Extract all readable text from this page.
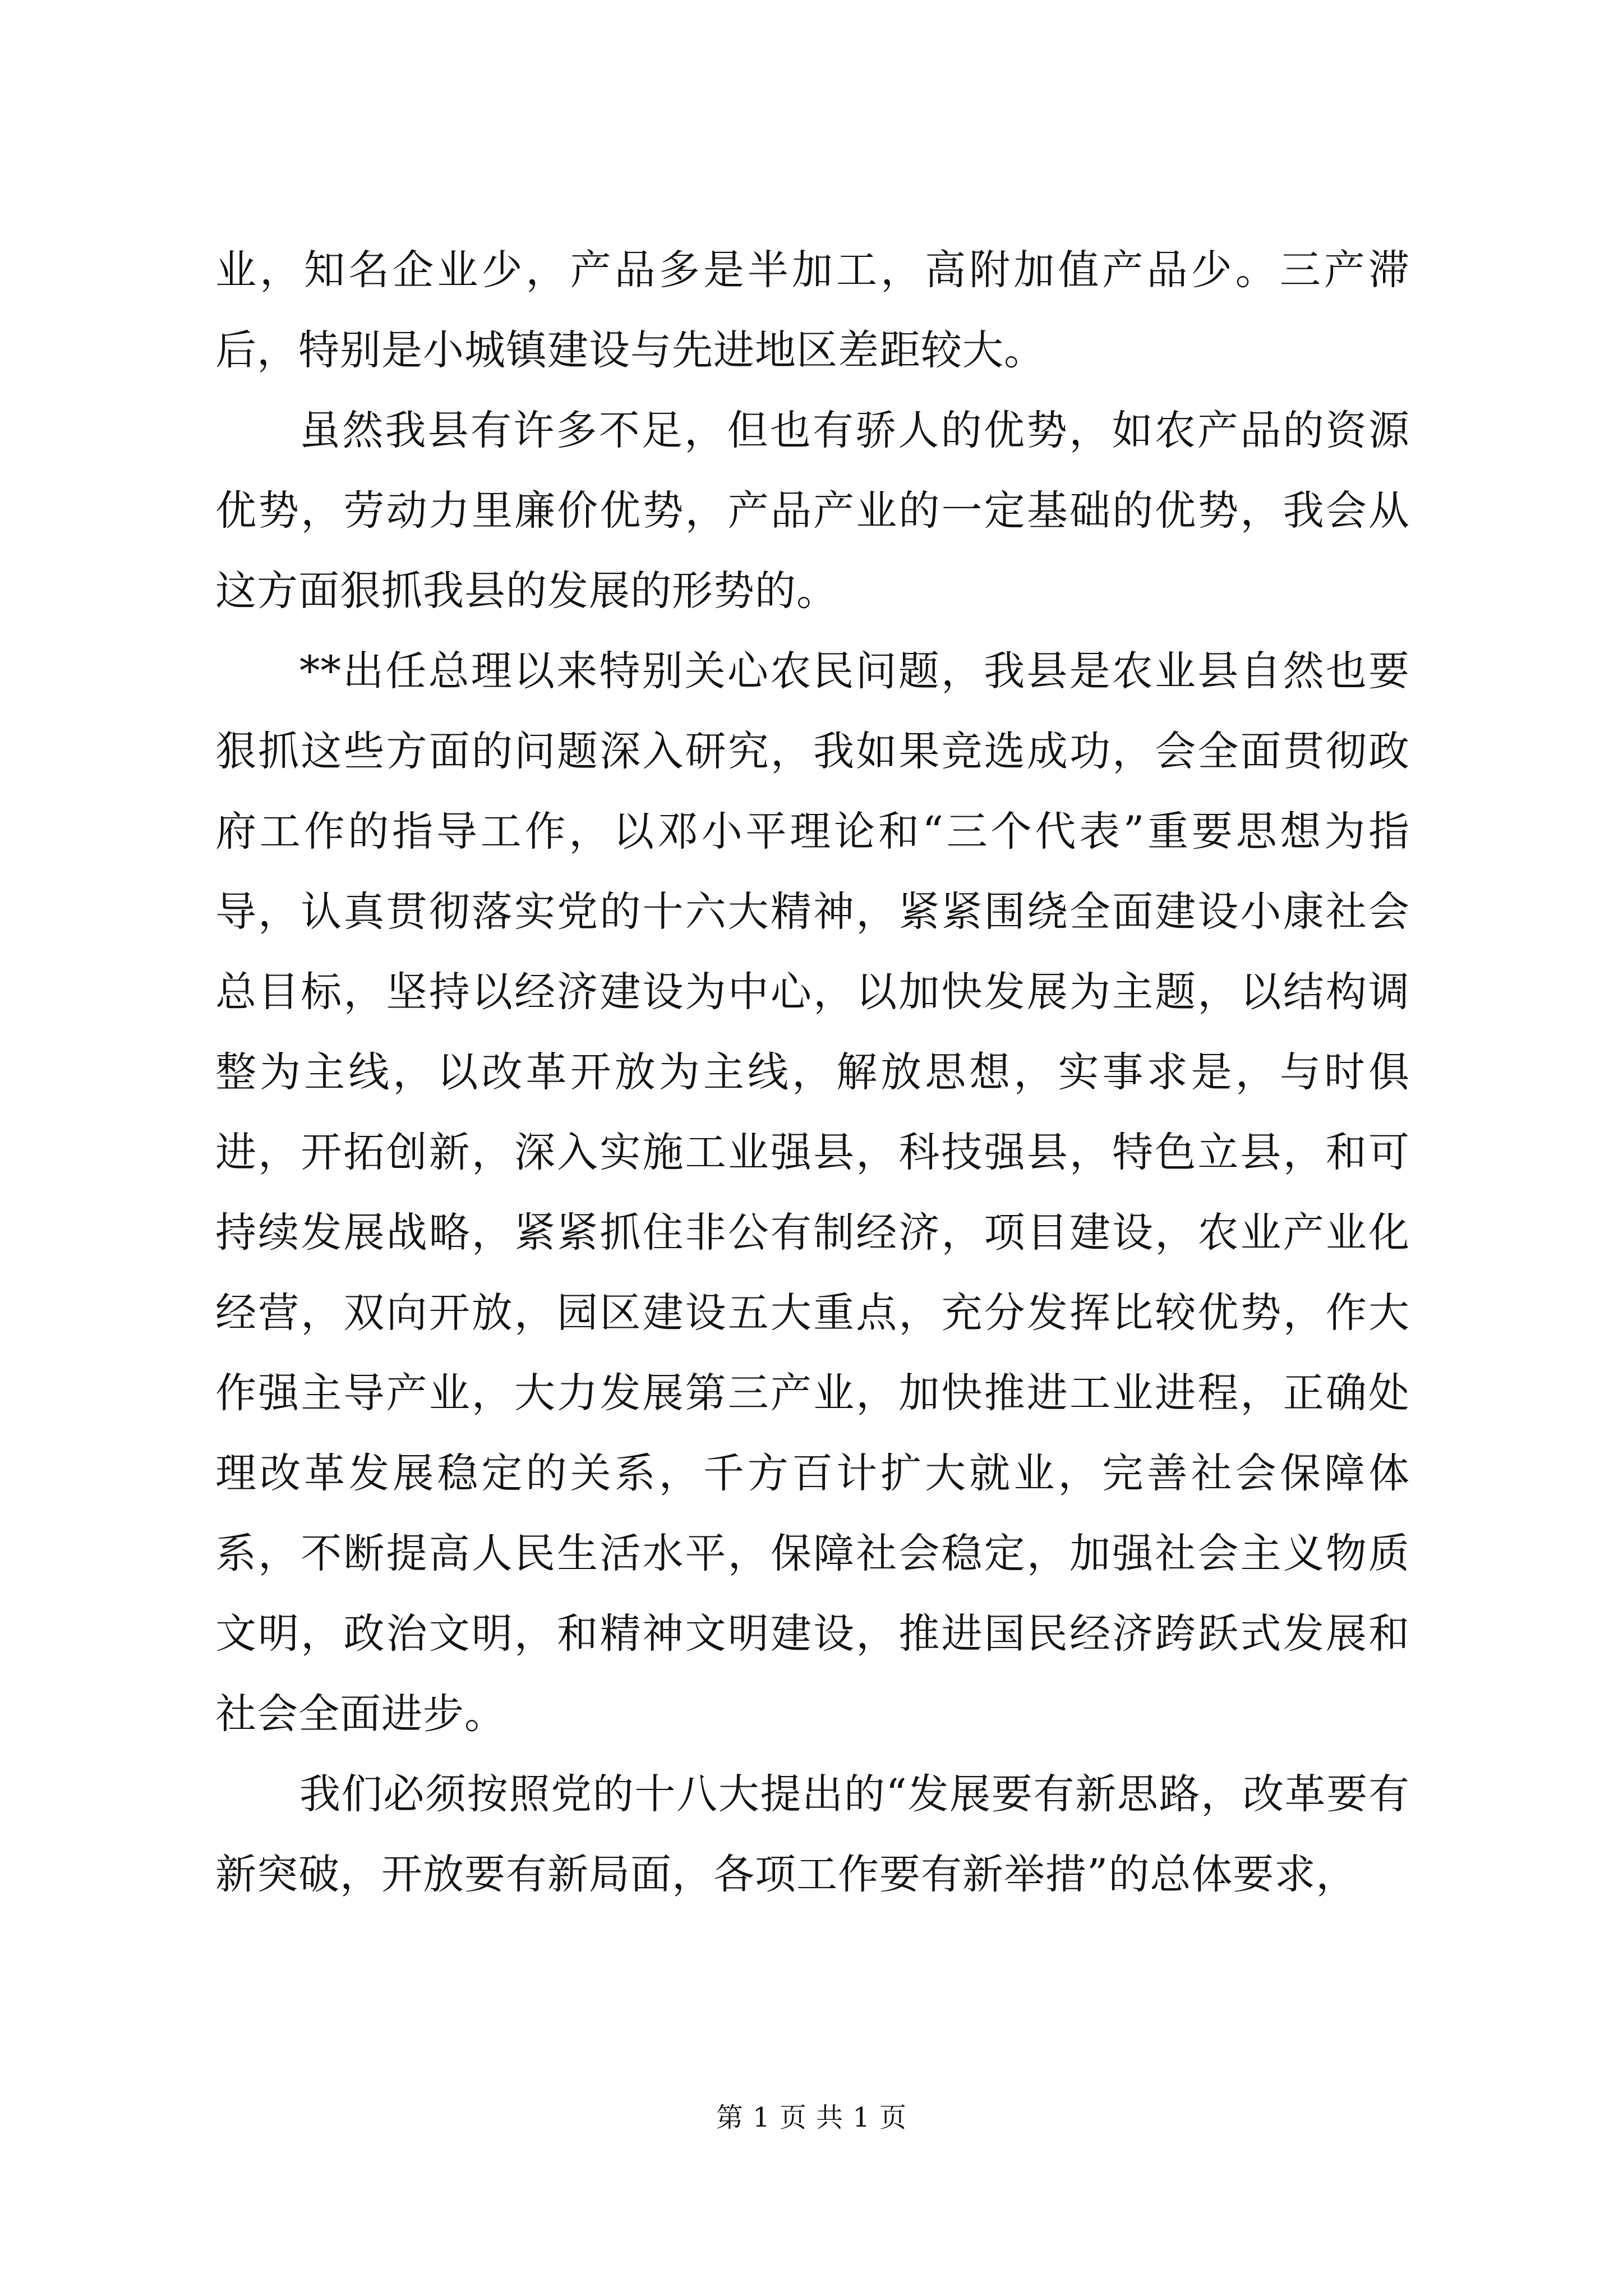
业，知名企业少，产品多是半加工，高附加值产品少。三产滞后，特别是小城镇建设与先进地区差距较大。

虽然我县有许多不足，但也有骄人的优势，如农产品的资源优势，劳动力里廉价优势，产品产业的一定基础的优势，我会从这方面狠抓我县的发展的形势的。

**出任总理以来特别关心农民问题，我县是农业县自然也要狠抓这些方面的问题深入研究，我如果竞选成功，会全面贯彻政府工作的指导工作，以邓小平理论和“三个代表”重要思想为指导，认真贯彻落实党的十六大精神，紧紧围绕全面建设小康社会总目标，坚持以经济建设为中心，以加快发展为主题，以结构调整为主线，以改革开放为主线，解放思想，实事求是，与时俱进，开拓创新，深入实施工业强县，科技强县，特色立县，和可持续发展战略，紧紧抓住非公有制经济，项目建设，农业产业化经营，双向开放，园区建设五大重点，充分发挥比较优势，作大作强主导产业，大力发展第三产业，加快推进工业进程，正确处理改革发展稳定的关系，千方百计扩大就业，完善社会保障体系，不断提高人民生活水平，保障社会稳定，加强社会主义物质文明，政治文明，和精神文明建设，推进国民经济跨跃式发展和社会全面进步。

我们必须按照党的十八大提出的“发展要有新思路，改革要有新突破，开放要有新局面，各项工作要有新举措”的总体要求，

第 1 页 共 1 页
